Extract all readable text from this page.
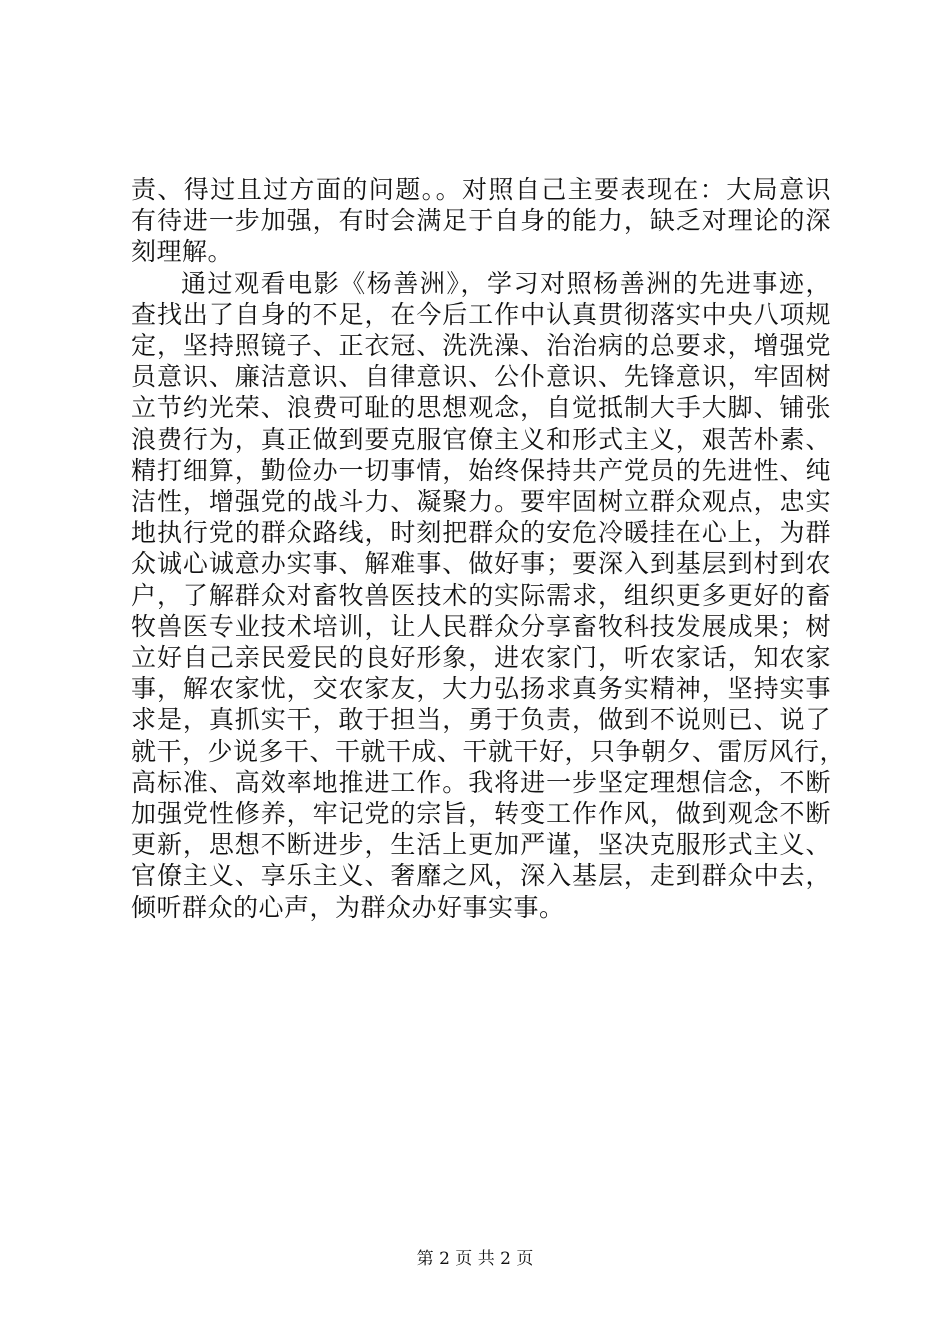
责、得过且过方面的问题。。对照自己主要表现在：大局意识
有待进一步加强，有时会满足于自身的能力，缺乏对理论的深
刻理解。
通过观看电影《杨善洲》，学习对照杨善洲的先进事迹，
查找出了自身的不足，在今后工作中认真贯彻落实中央八项规
定，坚持照镜子、正衣冠、洗洗澡、治治病的总要求，增强党
员意识、廉洁意识、自律意识、公仆意识、先锋意识，牢固树
立节约光荣、浪费可耻的思想观念，自觉抵制大手大脚、铺张
浪费行为，真正做到要克服官僚主义和形式主义，艰苦朴素、
精打细算，勤俭办一切事情，始终保持共产党员的先进性、纯
洁性，增强党的战斗力、凝聚力。要牢固树立群众观点，忠实
地执行党的群众路线，时刻把群众的安危冷暖挂在心上，为群
众诚心诚意办实事、解难事、做好事；要深入到基层到村到农
户，了解群众对畜牧兽医技术的实际需求，组织更多更好的畜
牧兽医专业技术培训，让人民群众分享畜牧科技发展成果；树
立好自己亲民爱民的良好形象，进农家门，听农家话，知农家
事，解农家忧，交农家友，大力弘扬求真务实精神，坚持实事
求是，真抓实干，敢于担当，勇于负责，做到不说则已、说了
就干，少说多干、干就干成、干就干好，只争朝夕、雷厉风行，
高标准、高效率地推进工作。我将进一步坚定理想信念，不断
加强党性修养，牢记党的宗旨，转变工作作风，做到观念不断
更新，思想不断进步，生活上更加严谨，坚决克服形式主义、
官僚主义、享乐主义、奢靡之风，深入基层，走到群众中去，
倾听群众的心声，为群众办好事实事。
第 2 页 共 2 页
